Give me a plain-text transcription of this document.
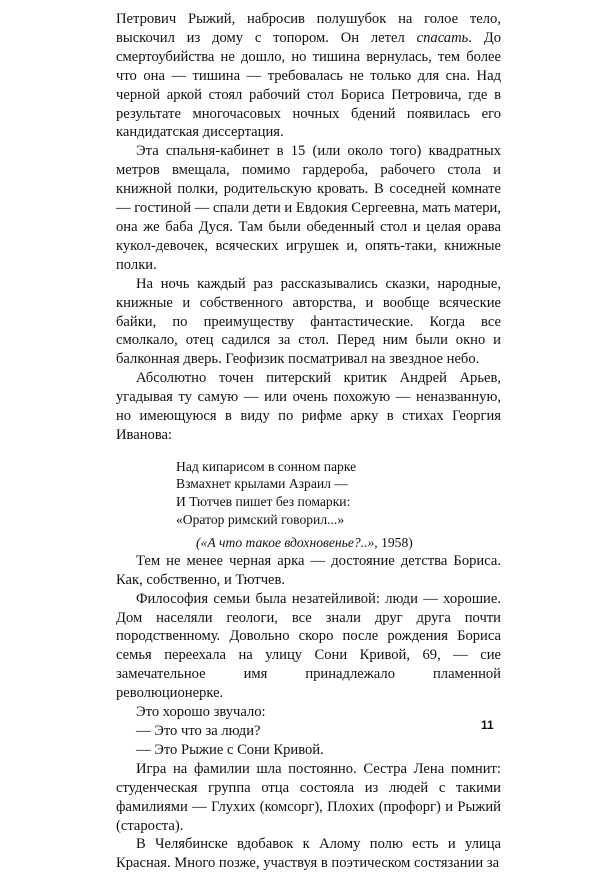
Петрович Рыжий, набросив полушубок на голое тело, выскочил из дому с топором. Он летел спасать. До смертоубийства не дошло, но тишина вернулась, тем более что она — тишина — требовалась не только для сна. Над черной аркой стоял рабочий стол Бориса Петровича, где в результате многочасовых ночных бдений появилась его кандидатская диссертация.

Эта спальня-кабинет в 15 (или около того) квадратных метров вмещала, помимо гардероба, рабочего стола и книжной полки, родительскую кровать. В соседней комнате — гостиной — спали дети и Евдокия Сергеевна, мать матери, она же баба Дуся. Там были обеденный стол и целая орава кукол-девочек, всяческих игрушек и, опять-таки, книжные полки.

На ночь каждый раз рассказывались сказки, народные, книжные и собственного авторства, и вообще всяческие байки, по преимуществу фантастические. Когда все смолкало, отец садился за стол. Перед ним были окно и балконная дверь. Геофизик посматривал на звездное небо.

Абсолютно точен питерский критик Андрей Арьев, угадывая ту самую — или очень похожую — неназванную, но имеющуюся в виду по рифме арку в стихах Георгия Иванова:

Над кипарисом в сонном парке
Взмахнет крылами Азраил —
И Тютчев пишет без помарки:
«Оратор римский говорил...»
(«А что такое вдохновенье?..», 1958)

Тем не менее черная арка — достояние детства Бориса. Как, собственно, и Тютчев.

Философия семьи была незатейливой: люди — хорошие. Дом населяли геологи, все знали друг друга почти породственному. Довольно скоро после рождения Бориса семья переехала на улицу Сони Кривой, 69, — сие замечательное имя принадлежало пламенной революционерке.

Это хорошо звучало:

— Это что за люди?

— Это Рыжие с Сони Кривой.

Игра на фамилии шла постоянно. Сестра Лена помнит: студенческая группа отца состояла из людей с такими фамилиями — Глухих (комсорг), Плохих (профорг) и Рыжий (староста).

В Челябинске вдобавок к Алому полю есть и улица Красная. Много позже, участвуя в поэтическом состязании за

11
